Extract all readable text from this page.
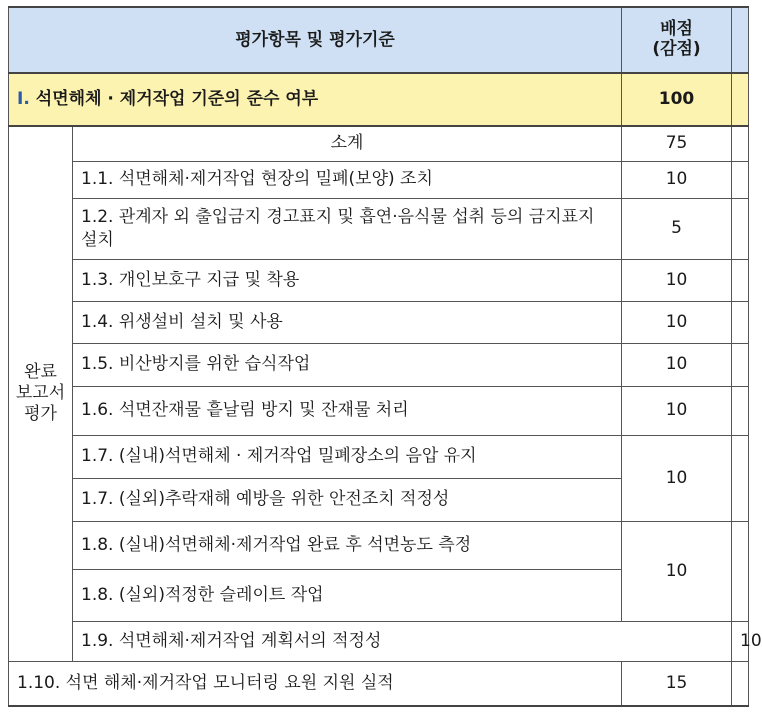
평가항목 및 평가기준		배점
(감점)		
Ⅰ. 석면해체 · 제거작업 기준의 준수 여부		100		
완료
보고서
평가	소계	75		
	1.1. 석면해체·제거작업 현장의 밀폐(보양) 조치	10		
	1.2. 관계자 외 출입금지 경고표지 및 흡연·음식물 섭취 등의 금지표지 설치	5		
	1.3. 개인보호구 지급 및 착용	10		
	1.4. 위생설비 설치 및 사용	10		
	1.5. 비산방지를 위한 습식작업	10		
	1.6. 석면잔재물 흩날림 방지 및 잔재물 처리	10		
	1.7. (실내)석면해체 · 제거작업 밀폐장소의 음압 유지	10		
	1.7. (실외)추락재해 예방을 위한 안전조치 적정성			
	1.8. (실내)석면해체·제거작업 완료 후 석면농도 측정	10		
	1.8. (실외)적정한 슬레이트 작업			
	1.9. 석면해체·제거작업 계획서의 적정성		10	
1.10. 석면 해체·제거작업 모니터링 요원 지원 실적		15		
